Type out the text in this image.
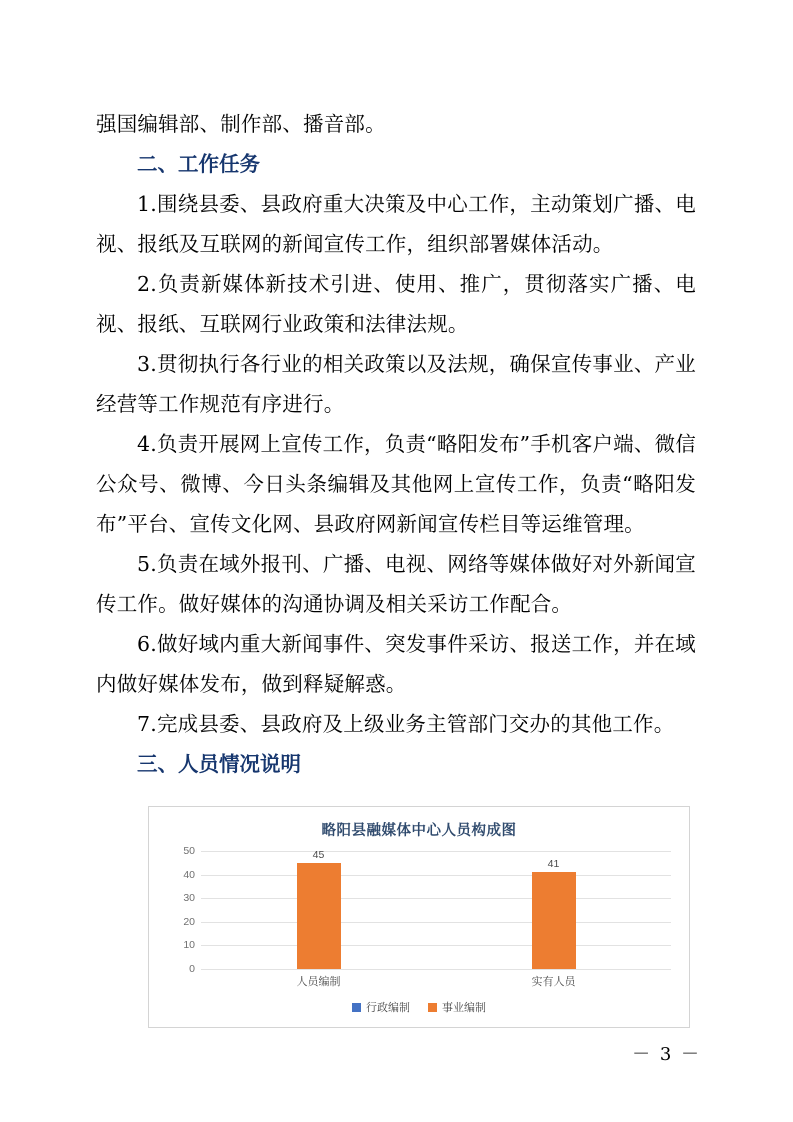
强国编辑部、制作部、播音部。

二、工作任务

1.围绕县委、县政府重大决策及中心工作，主动策划广播、电视、报纸及互联网的新闻宣传工作，组织部署媒体活动。

2.负责新媒体新技术引进、使用、推广，贯彻落实广播、电视、报纸、互联网行业政策和法律法规。

3.贯彻执行各行业的相关政策以及法规，确保宣传事业、产业经营等工作规范有序进行。

4.负责开展网上宣传工作，负责“略阳发布”手机客户端、微信公众号、微博、今日头条编辑及其他网上宣传工作，负责“略阳发布”平台、宣传文化网、县政府网新闻宣传栏目等运维管理。

5.负责在域外报刊、广播、电视、网络等媒体做好对外新闻宣传工作。做好媒体的沟通协调及相关采访工作配合。

6.做好域内重大新闻事件、突发事件采访、报送工作，并在域内做好媒体发布，做到释疑解惑。

7.完成县委、县政府及上级业务主管部门交办的其他工作。

三、人员情况说明

略阳县融媒体中心人员构成图
50
40
30
20
10
0
45
41
人员编制	实有人员
行政编制	事业编制
－ 3 －
